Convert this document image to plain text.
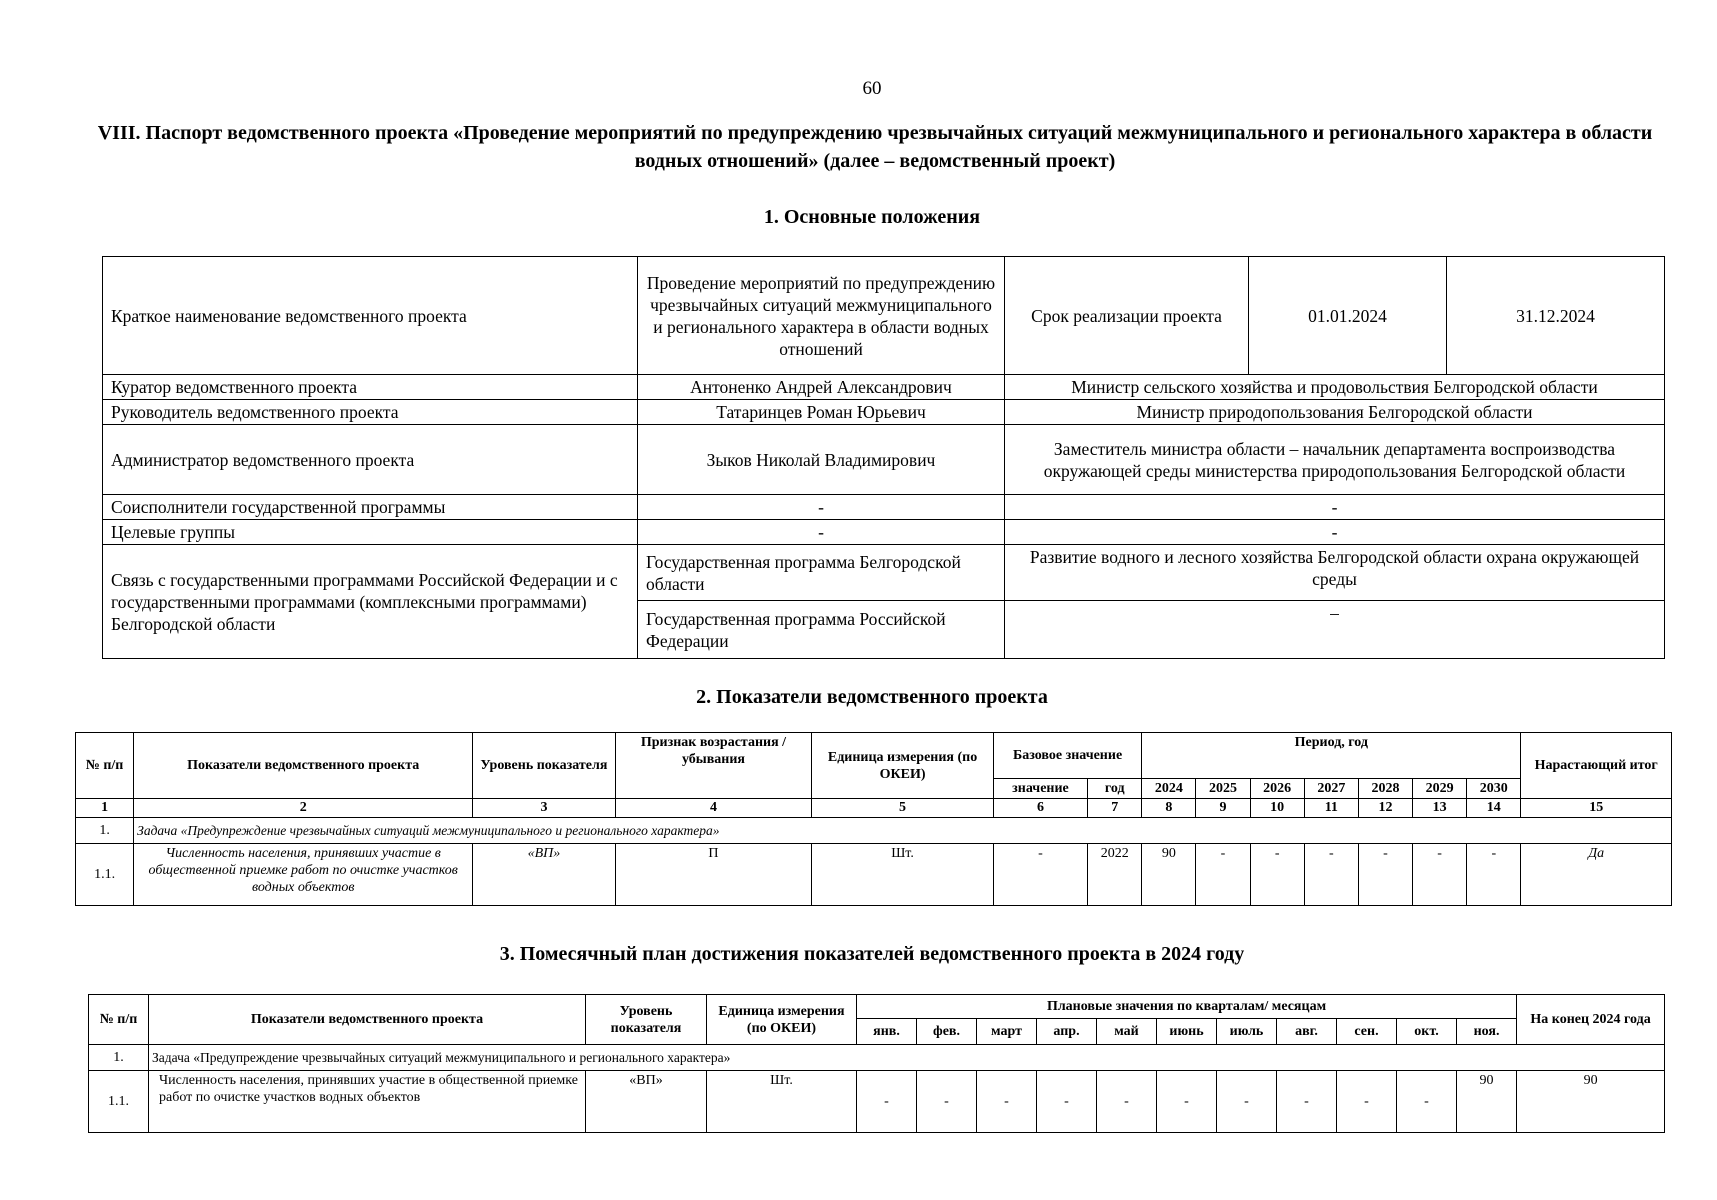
60
VIII. Паспорт ведомственного проекта «Проведение мероприятий по предупреждению чрезвычайных ситуаций межмуниципального и регионального характера в области водных отношений» (далее – ведомственный проект)
1. Основные положения
Краткое наименование ведомственного проекта	Проведение мероприятий по предупреждению чрезвычайных ситуаций межмуниципального и регионального характера в области водных отношений	Срок реализации проекта	01.01.2024	31.12.2024
Куратор ведомственного проекта	Антоненко Андрей Александрович	Министр сельского хозяйства и продовольствия Белгородской области		
Руководитель ведомственного проекта	Татаринцев Роман Юрьевич	Министр природопользования Белгородской области		
Администратор ведомственного проекта	Зыков Николай Владимирович	Заместитель министра области – начальник департамента воспроизводства окружающей среды министерства природопользования Белгородской области		
Соисполнители государственной программы	-	-		
Целевые группы	-	-		
Связь с государственными программами Российской Федерации и с государственными программами (комплексными программами) Белгородской области	Государственная программа Белгородской области	Развитие водного и лесного хозяйства Белгородской области охрана окружающей среды		
	Государственная программа Российской Федерации	–		
2. Показатели ведомственного проекта
№ п/п	Показатели ведомственного проекта	Уровень показателя	Признак возрастания / убывания	Единица измерения (по ОКЕИ)	Базовое значение		Период, год							Нарастающий итог
					значение	год	2024	2025	2026	2027	2028	2029	2030	
1	2	3	4	5	6	7	8	9	10	11	12	13	14	15
1.	Задача «Предупреждение чрезвычайных ситуаций межмуниципального и регионального характера»													
1.1.	Численность населения, принявших участие в общественной приемке работ по очистке участков водных объектов	«ВП»	П	Шт.	-	2022	90	-	-	-	-	-	-	Да
3. Помесячный план достижения показателей ведомственного проекта в 2024 году
№ п/п	Показатели ведомственного проекта	Уровень показателя	Единица измерения (по ОКЕИ)	Плановые значения по кварталам/ месяцам											На конец 2024 года
				янв.	фев.	март	апр.	май	июнь	июль	авг.	сен.	окт.	ноя.	
1.	Задача «Предупреждение чрезвычайных ситуаций межмуниципального и регионального характера»														
1.1.	Численность населения, принявших участие в общественной приемке работ по очистке участков водных объектов	«ВП»	Шт.	-	-	-	-	-	-	-	-	-	-	90	90
